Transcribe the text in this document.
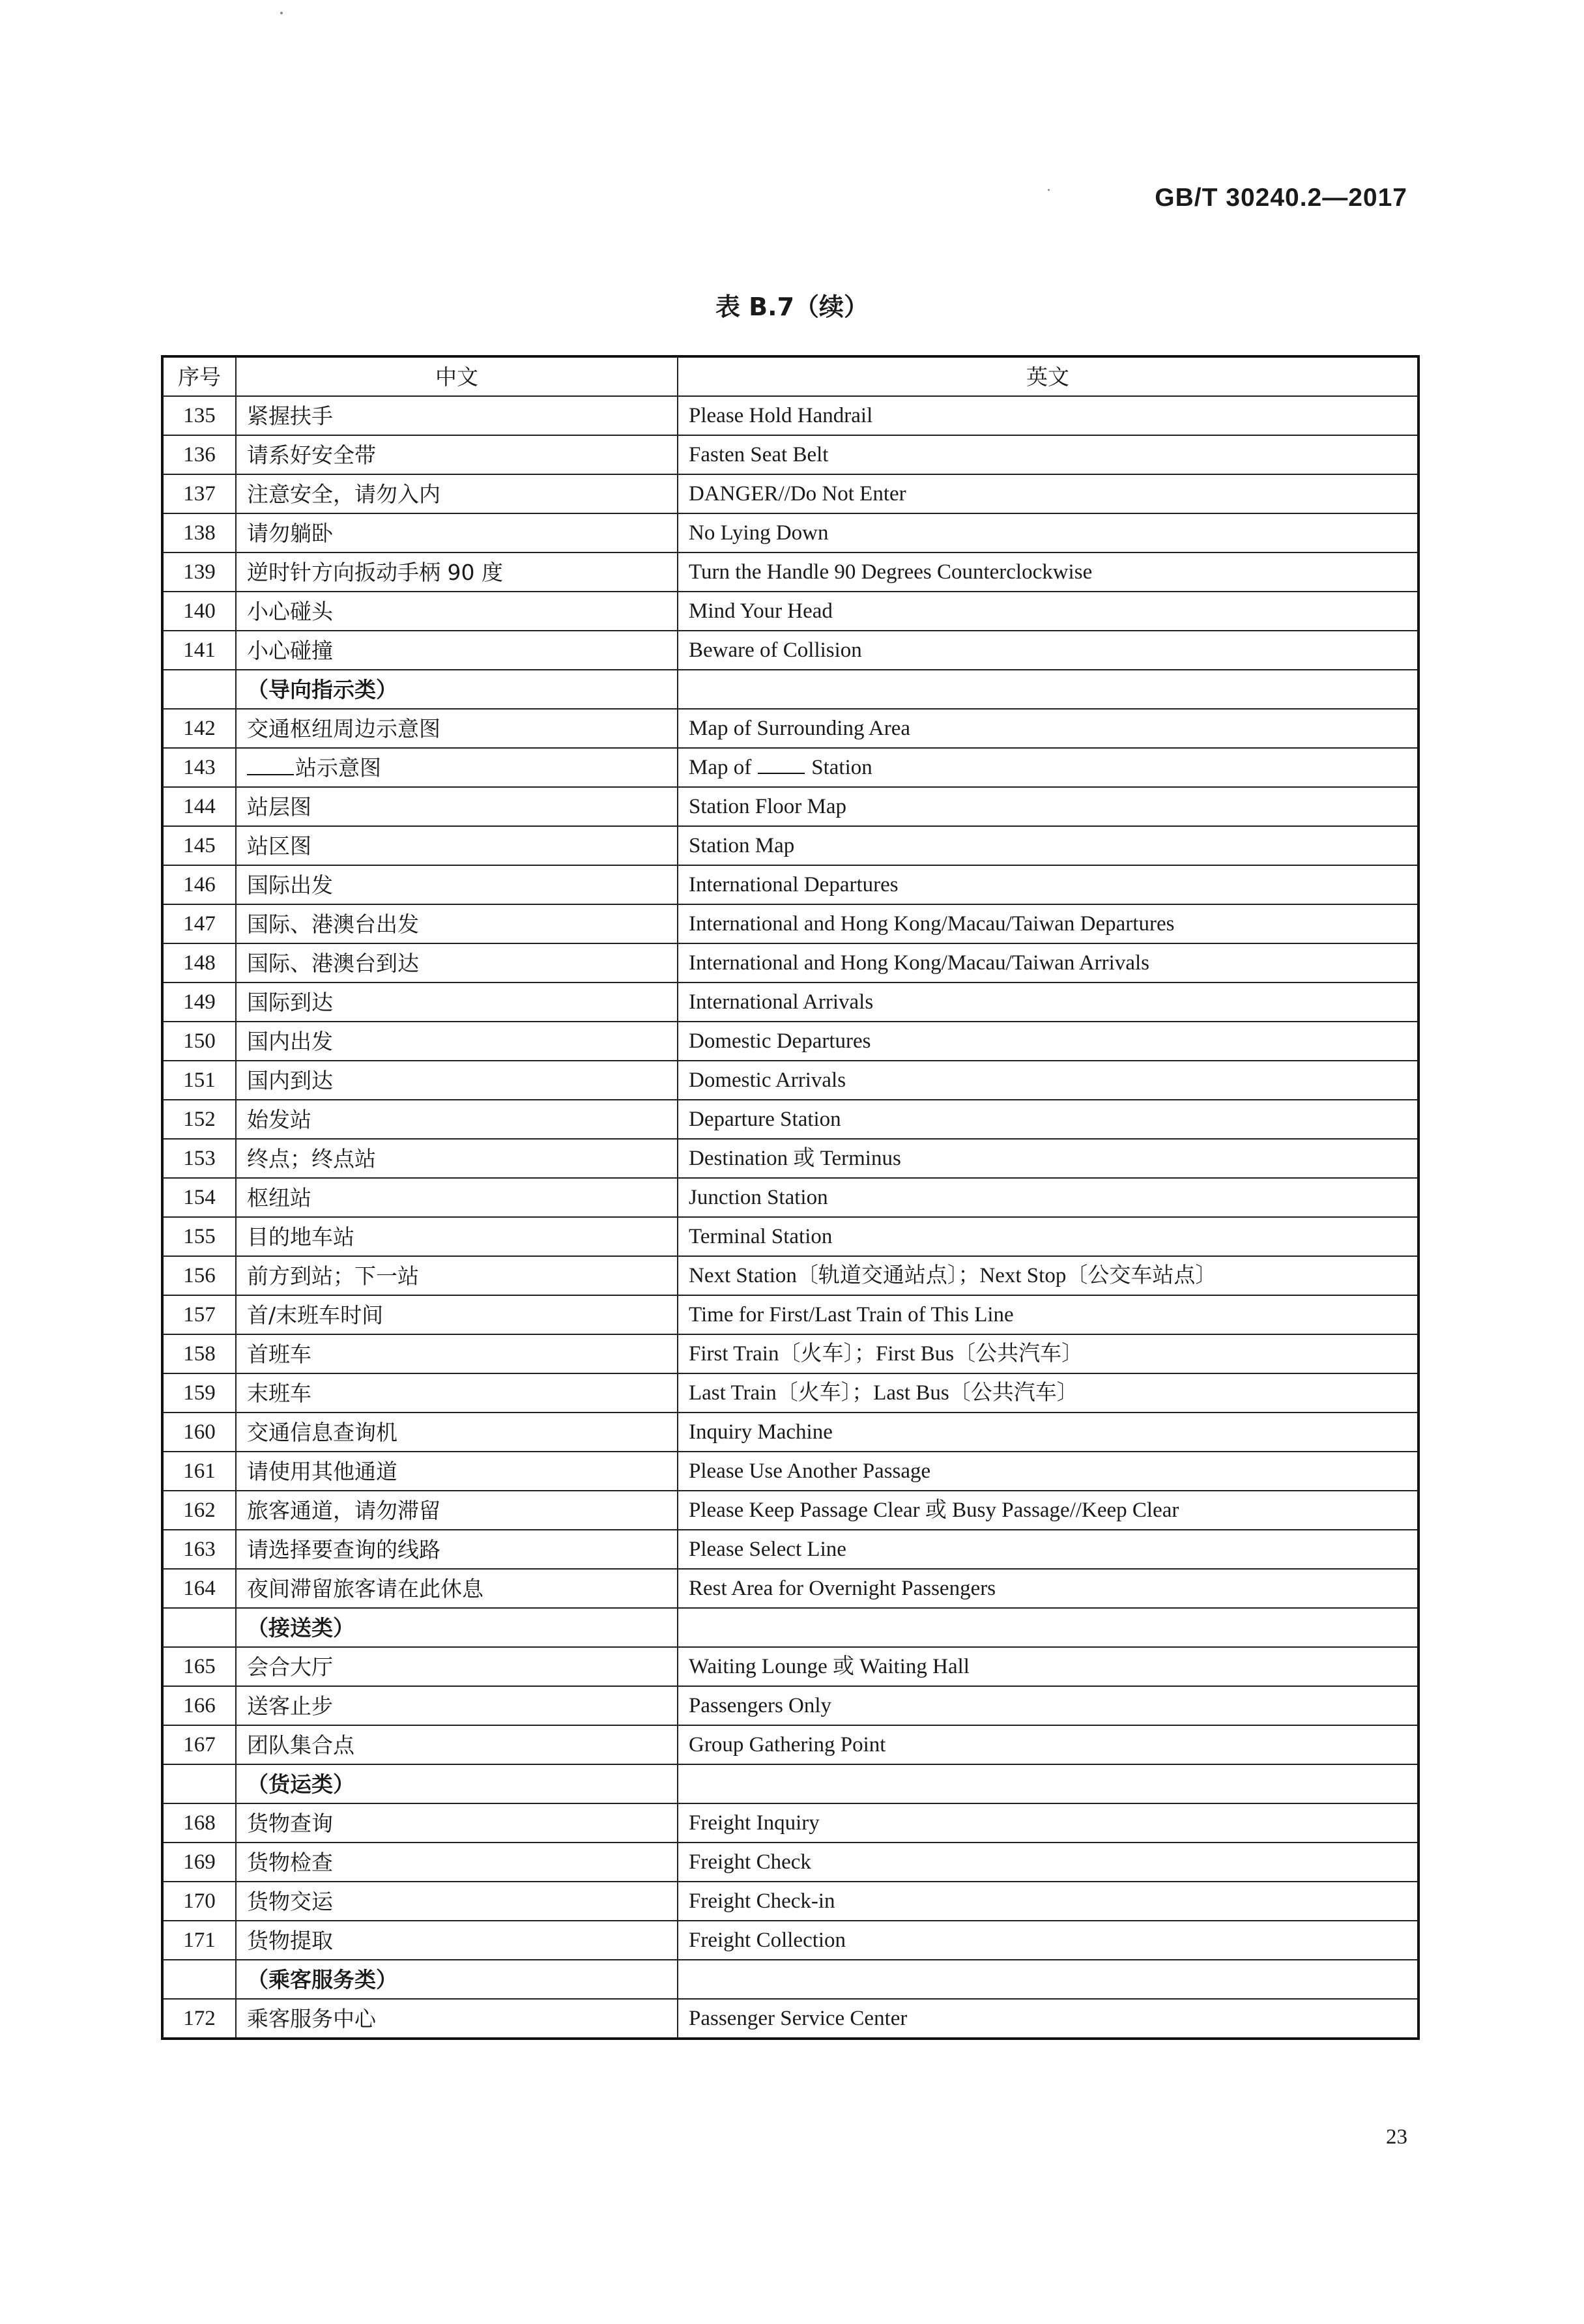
GB/T 30240.2—2017
表 B.7（续）
序号	中文	英文
135	紧握扶手	Please Hold Handrail
136	请系好安全带	Fasten Seat Belt
137	注意安全，请勿入内	DANGER//Do Not Enter
138	请勿躺卧	No Lying Down
139	逆时针方向扳动手柄 90 度	Turn the Handle 90 Degrees Counterclockwise
140	小心碰头	Mind Your Head
141	小心碰撞	Beware of Collision
	（导向指示类）	
142	交通枢纽周边示意图	Map of Surrounding Area
143	站示意图	Map of Station
144	站层图	Station Floor Map
145	站区图	Station Map
146	国际出发	International Departures
147	国际、港澳台出发	International and Hong Kong/Macau/Taiwan Departures
148	国际、港澳台到达	International and Hong Kong/Macau/Taiwan Arrivals
149	国际到达	International Arrivals
150	国内出发	Domestic Departures
151	国内到达	Domestic Arrivals
152	始发站	Departure Station
153	终点；终点站	Destination 或 Terminus
154	枢纽站	Junction Station
155	目的地车站	Terminal Station
156	前方到站；下一站	Next Station〔轨道交通站点〕；Next Stop〔公交车站点〕
157	首/末班车时间	Time for First/Last Train of This Line
158	首班车	First Train〔火车〕；First Bus〔公共汽车〕
159	末班车	Last Train〔火车〕；Last Bus〔公共汽车〕
160	交通信息查询机	Inquiry Machine
161	请使用其他通道	Please Use Another Passage
162	旅客通道，请勿滞留	Please Keep Passage Clear 或 Busy Passage//Keep Clear
163	请选择要查询的线路	Please Select Line
164	夜间滞留旅客请在此休息	Rest Area for Overnight Passengers
	（接送类）	
165	会合大厅	Waiting Lounge 或 Waiting Hall
166	送客止步	Passengers Only
167	团队集合点	Group Gathering Point
	（货运类）	
168	货物查询	Freight Inquiry
169	货物检查	Freight Check
170	货物交运	Freight Check-in
171	货物提取	Freight Collection
	（乘客服务类）	
172	乘客服务中心	Passenger Service Center
23
